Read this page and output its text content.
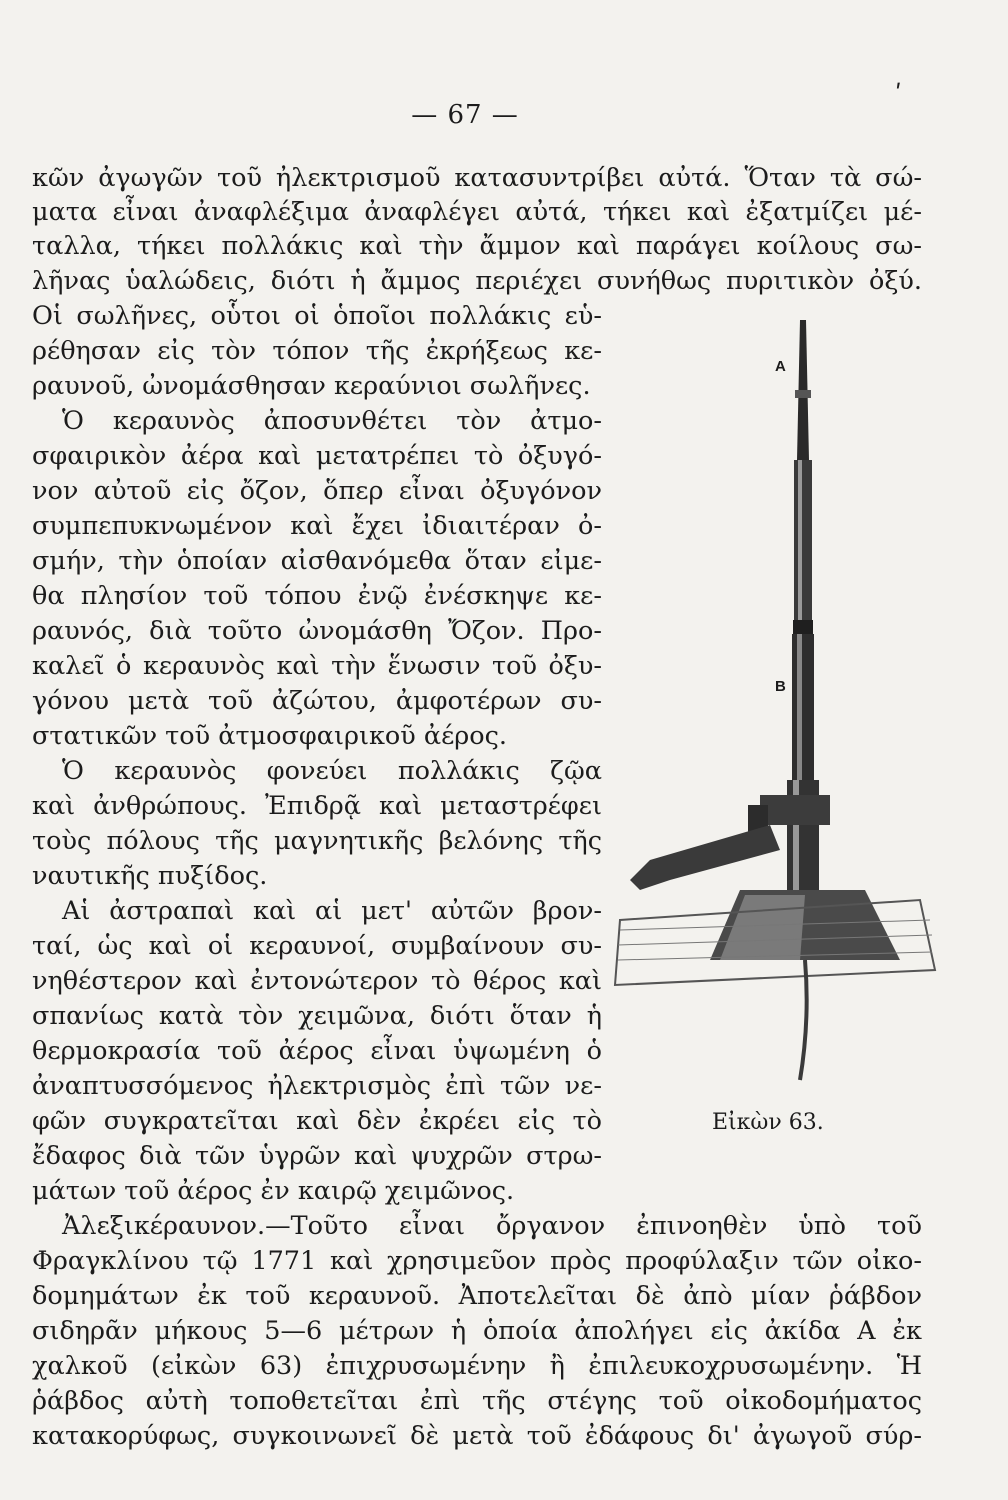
ʹ
— 67 —
κῶν ἀγωγῶν τοῦ ἠλεκτρισμοῦ κατασυντρίβει αὐτά. Ὅταν τὰ σώ-
ματα εἶναι ἀναφλέξιμα ἀναφλέγει αὐτά, τήκει καὶ ἐξατμίζει μέ-
ταλλα, τήκει πολλάκις καὶ τὴν ἄμμον καὶ παράγει κοίλους σω-
λῆνας ὑαλώδεις, διότι ἡ ἄμμος περιέχει συνήθως πυριτικὸν ὀξύ.
Οἱ σωλῆνες, οὗτοι οἱ ὁποῖοι πολλάκις εὑ-
ρέθησαν εἰς τὸν τόπον τῆς ἐκρήξεως κε-
ραυνοῦ, ὠνομάσθησαν κεραύνιοι σωλῆνες.
Ὁ κεραυνὸς ἀποσυνθέτει τὸν ἀτμο-
σφαιρικὸν ἀέρα καὶ μετατρέπει τὸ ὀξυγό-
νον αὐτοῦ εἰς ὄζον, ὅπερ εἶναι ὀξυγόνον
συμπεπυκνωμένον καὶ ἔχει ἰδιαιτέραν ὀ-
σμήν, τὴν ὁποίαν αἰσθανόμεθα ὅταν εἰμε-
θα πλησίον τοῦ τόπου ἐνῷ ἐνέσκηψε κε-
ραυνός, διὰ τοῦτο ὠνομάσθη Ὄζον. Προ-
καλεῖ ὁ κεραυνὸς καὶ τὴν ἕνωσιν τοῦ ὀξυ-
γόνου μετὰ τοῦ ἀζώτου, ἀμφοτέρων συ-
στατικῶν τοῦ ἀτμοσφαιρικοῦ ἀέρος.
Ὁ κεραυνὸς φονεύει πολλάκις ζῷα
καὶ ἀνθρώπους. Ἐπιδρᾷ καὶ μεταστρέφει
τοὺς πόλους τῆς μαγνητικῆς βελόνης τῆς
ναυτικῆς πυξίδος.
Αἱ ἀστραπαὶ καὶ αἱ μετ' αὐτῶν βρον-
ταί, ὡς καὶ οἱ κεραυνοί, συμβαίνουν συ-
νηθέστερον καὶ ἐντονώτερον τὸ θέρος καὶ
σπανίως κατὰ τὸν χειμῶνα, διότι ὅταν ἡ
θερμοκρασία τοῦ ἀέρος εἶναι ὑψωμένη ὁ
ἀναπτυσσόμενος ἠλεκτρισμὸς ἐπὶ τῶν νε-
φῶν συγκρατεῖται καὶ δὲν ἐκρέει εἰς τὸ
ἔδαφος διὰ τῶν ὑγρῶν καὶ ψυχρῶν στρω-
μάτων τοῦ ἀέρος ἐν καιρῷ χειμῶνος.
Ἀλεξικέραυνον.—Τοῦτο εἶναι ὄργανον ἐπινοηθὲν ὑπὸ τοῦ
Φραγκλίνου τῷ 1771 καὶ χρησιμεῦον πρὸς προφύλαξιν τῶν οἰκο-
δομημάτων ἐκ τοῦ κεραυνοῦ. Ἀποτελεῖται δὲ ἀπὸ μίαν ῥάβδον
σιδηρᾶν μήκους 5—6 μέτρων ἡ ὁποία ἀπολήγει εἰς ἀκίδα Α ἐκ
χαλκοῦ (εἰκὼν 63) ἐπιχρυσωμένην ἢ ἐπιλευκοχρυσωμένην. Ἡ
ῥάβδος αὐτὴ τοποθετεῖται ἐπὶ τῆς στέγης τοῦ οἰκοδομήματος
κατακορύφως, συγκοινωνεῖ δὲ μετὰ τοῦ ἐδάφους δι' ἀγωγοῦ σύρ-
A
B
Εἰκὼν 63.
